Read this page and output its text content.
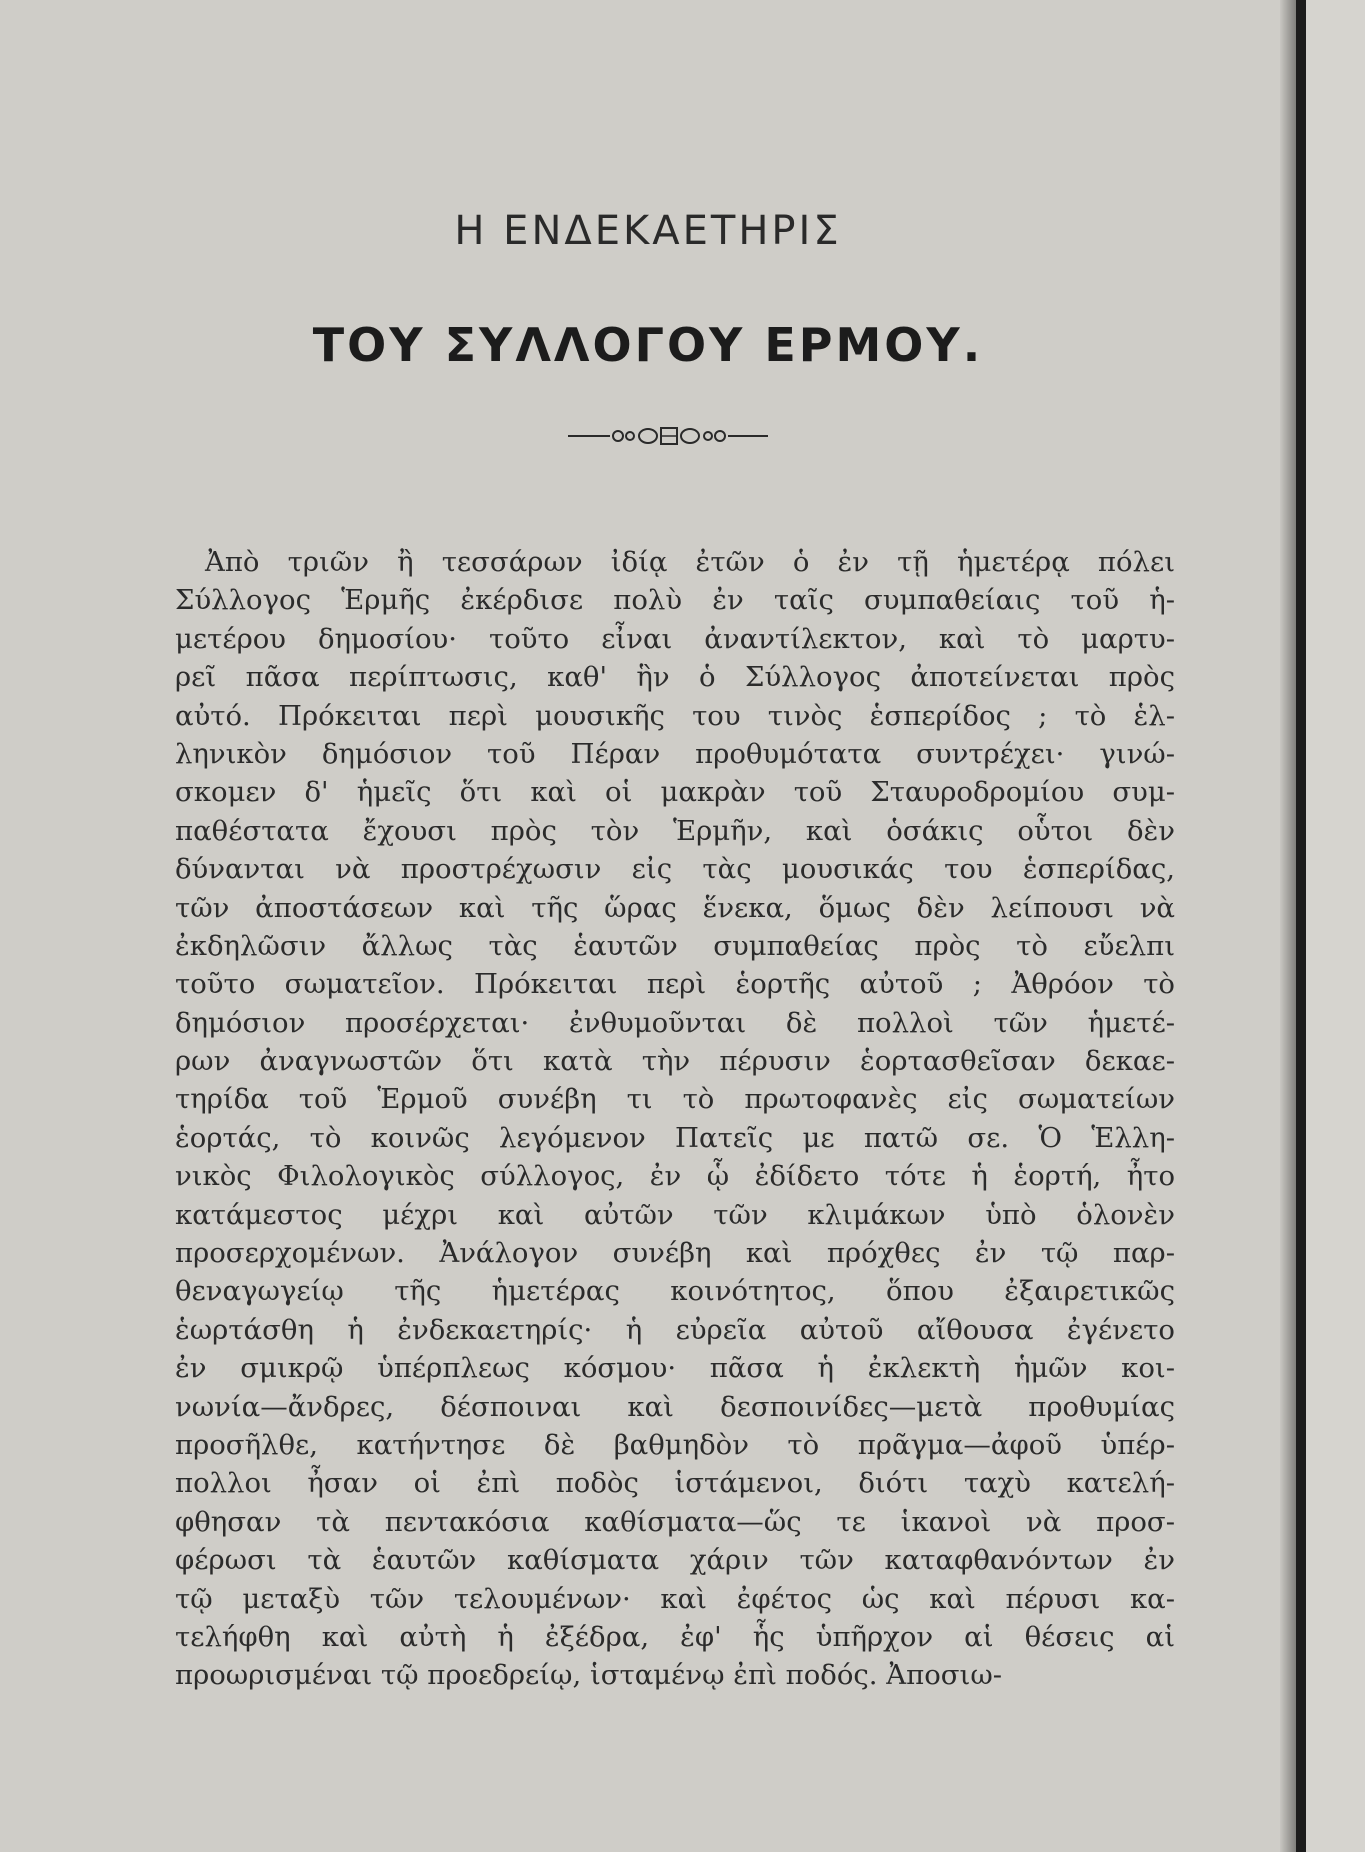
Η ΕΝΔΕΚΑΕΤΗΡΙΣ
ΤΟΥ ΣΥΛΛΟΓΟΥ ΕΡΜΟΥ.
Ἀπὸ τριῶν ἢ τεσσάρων ἰδίᾳ ἐτῶν ὁ ἐν τῇ ἡμετέρᾳ πόλει
Σύλλογος Ἑρμῆς ἐκέρδισε πολὺ ἐν ταῖς συμπαθείαις τοῦ ἡ-
μετέρου δημοσίου· τοῦτο εἶναι ἀναντίλεκτον, καὶ τὸ μαρτυ-
ρεῖ πᾶσα περίπτωσις, καθ' ἣν ὁ Σύλλογος ἀποτείνεται πρὸς
αὐτό. Πρόκειται περὶ μουσικῆς του τινὸς ἑσπερίδος ; τὸ ἑλ-
ληνικὸν δημόσιον τοῦ Πέραν προθυμότατα συντρέχει· γινώ-
σκομεν δ' ἡμεῖς ὅτι καὶ οἱ μακρὰν τοῦ Σταυροδρομίου συμ-
παθέστατα ἔχουσι πρὸς τὸν Ἑρμῆν, καὶ ὁσάκις οὗτοι δὲν
δύνανται νὰ προστρέχωσιν εἰς τὰς μουσικάς του ἑσπερίδας,
τῶν ἀποστάσεων καὶ τῆς ὥρας ἕνεκα, ὅμως δὲν λείπουσι νὰ
ἐκδηλῶσιν ἄλλως τὰς ἑαυτῶν συμπαθείας πρὸς τὸ εὔελπι
τοῦτο σωματεῖον. Πρόκειται περὶ ἑορτῆς αὐτοῦ ; Ἀθρόον τὸ
δημόσιον προσέρχεται· ἐνθυμοῦνται δὲ πολλοὶ τῶν ἡμετέ-
ρων ἀναγνωστῶν ὅτι κατὰ τὴν πέρυσιν ἑορτασθεῖσαν δεκαε-
τηρίδα τοῦ Ἑρμοῦ συνέβη τι τὸ πρωτοφανὲς εἰς σωματείων
ἑορτάς, τὸ κοινῶς λεγόμενον Πατεῖς με πατῶ σε. Ὁ Ἑλλη-
νικὸς Φιλολογικὸς σύλλογος, ἐν ᾧ ἐδίδετο τότε ἡ ἑορτή, ἦτο
κατάμεστος μέχρι καὶ αὐτῶν τῶν κλιμάκων ὑπὸ ὁλονὲν
προσερχομένων. Ἀνάλογον συνέβη καὶ πρόχθες ἐν τῷ παρ-
θεναγωγείῳ τῆς ἡμετέρας κοινότητος, ὅπου ἐξαιρετικῶς
ἑωρτάσθη ἡ ἐνδεκαετηρίς· ἡ εὐρεῖα αὐτοῦ αἴθουσα ἐγένετο
ἐν σμικρῷ ὑπέρπλεως κόσμου· πᾶσα ἡ ἐκλεκτὴ ἡμῶν κοι-
νωνία—ἄνδρες, δέσποιναι καὶ δεσποινίδες—μετὰ προθυμίας
προσῆλθε, κατήντησε δὲ βαθμηδὸν τὸ πρᾶγμα—ἀφοῦ ὑπέρ-
πολλοι ἦσαν οἱ ἐπὶ ποδὸς ἱστάμενοι, διότι ταχὺ κατελή-
φθησαν τὰ πεντακόσια καθίσματα—ὥς τε ἱκανοὶ νὰ προσ-
φέρωσι τὰ ἑαυτῶν καθίσματα χάριν τῶν καταφθανόντων ἐν
τῷ μεταξὺ τῶν τελουμένων· καὶ ἐφέτος ὡς καὶ πέρυσι κα-
τελήφθη καὶ αὐτὴ ἡ ἐξέδρα, ἐφ' ἧς ὑπῆρχον αἱ θέσεις αἱ
προωρισμέναι τῷ προεδρείῳ, ἱσταμένῳ ἐπὶ ποδός. Ἀποσιω-
